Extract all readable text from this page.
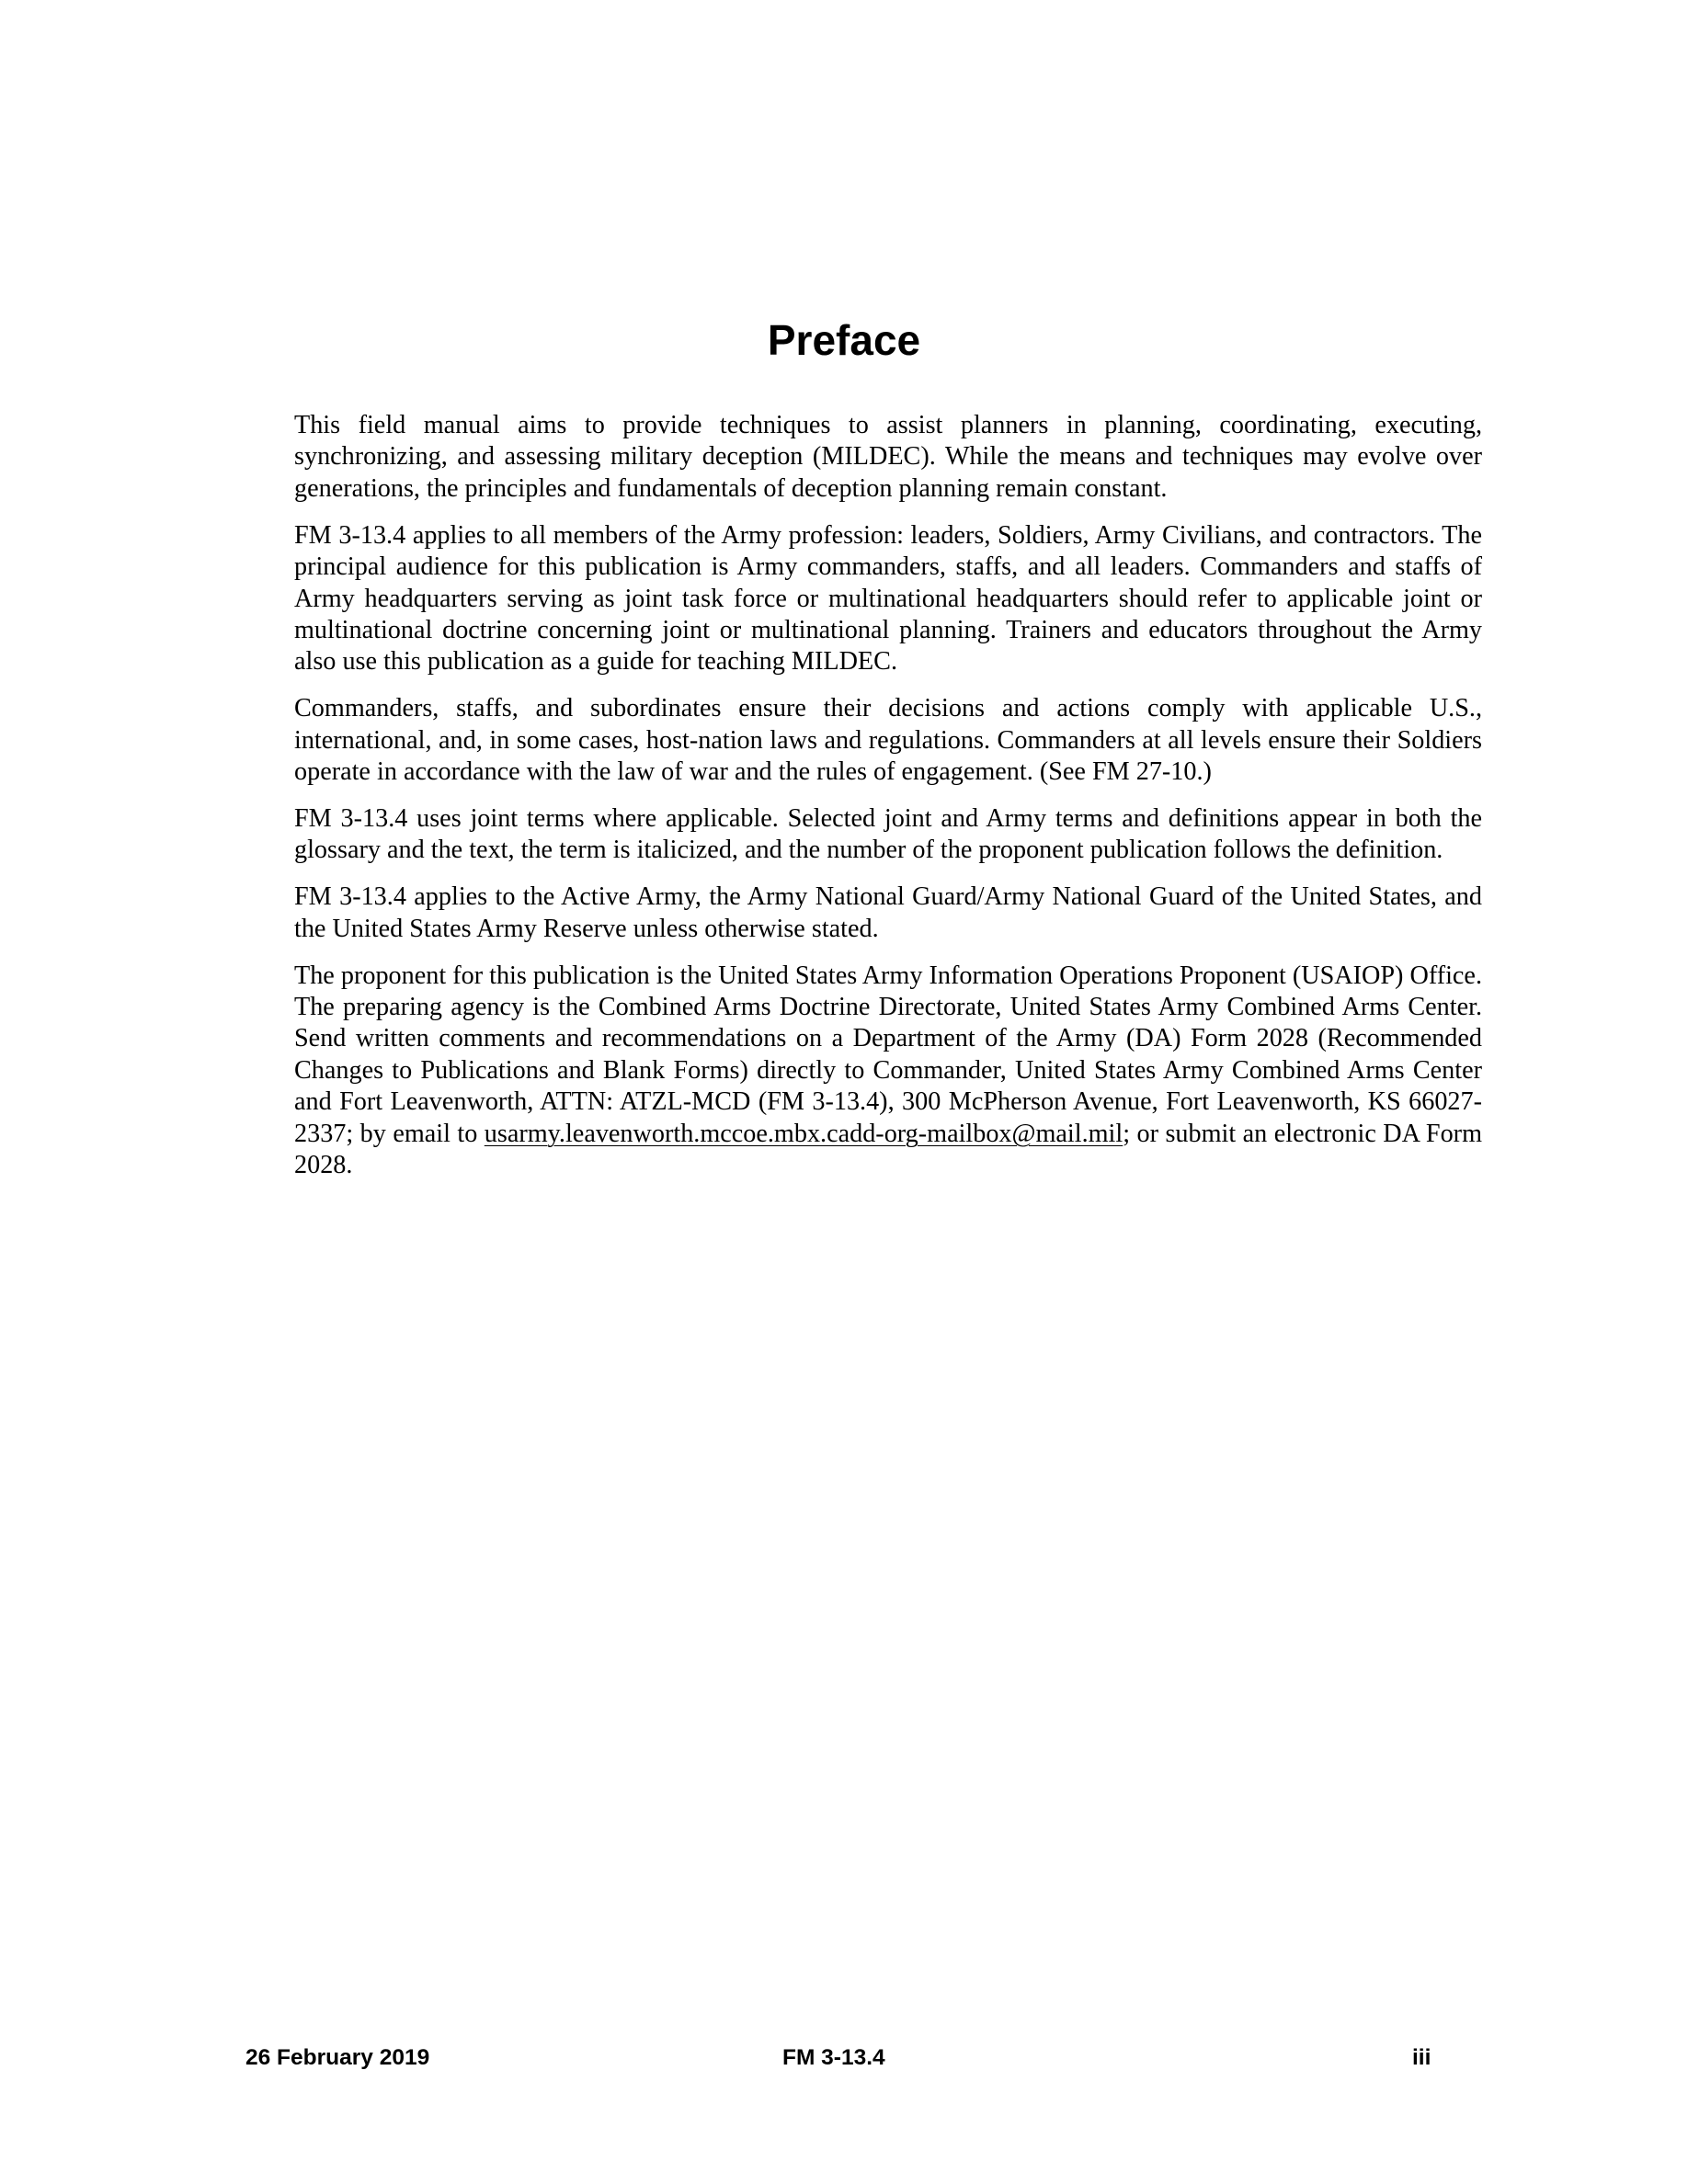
Preface

This field manual aims to provide techniques to assist planners in planning, coordinating, executing, synchronizing, and assessing military deception (MILDEC). While the means and techniques may evolve over generations, the principles and fundamentals of deception planning remain constant.

FM 3-13.4 applies to all members of the Army profession: leaders, Soldiers, Army Civilians, and contractors. The principal audience for this publication is Army commanders, staffs, and all leaders. Commanders and staffs of Army headquarters serving as joint task force or multinational headquarters should refer to applicable joint or multinational doctrine concerning joint or multinational planning. Trainers and educators throughout the Army also use this publication as a guide for teaching MILDEC.

Commanders, staffs, and subordinates ensure their decisions and actions comply with applicable U.S., international, and, in some cases, host-nation laws and regulations. Commanders at all levels ensure their Soldiers operate in accordance with the law of war and the rules of engagement. (See FM 27-10.)

FM 3-13.4 uses joint terms where applicable. Selected joint and Army terms and definitions appear in both the glossary and the text, the term is italicized, and the number of the proponent publication follows the definition.

FM 3-13.4 applies to the Active Army, the Army National Guard/Army National Guard of the United States, and the United States Army Reserve unless otherwise stated.

The proponent for this publication is the United States Army Information Operations Proponent (USAIOP) Office. The preparing agency is the Combined Arms Doctrine Directorate, United States Army Combined Arms Center. Send written comments and recommendations on a Department of the Army (DA) Form 2028 (Recommended Changes to Publications and Blank Forms) directly to Commander, United States Army Combined Arms Center and Fort Leavenworth, ATTN: ATZL-MCD (FM 3-13.4), 300 McPherson Avenue, Fort Leavenworth, KS 66027-2337; by email to usarmy.leavenworth.mccoe.mbx.cadd-org-mailbox@mail.mil; or submit an electronic DA Form 2028.

26 February 2019	FM 3-13.4	iii
